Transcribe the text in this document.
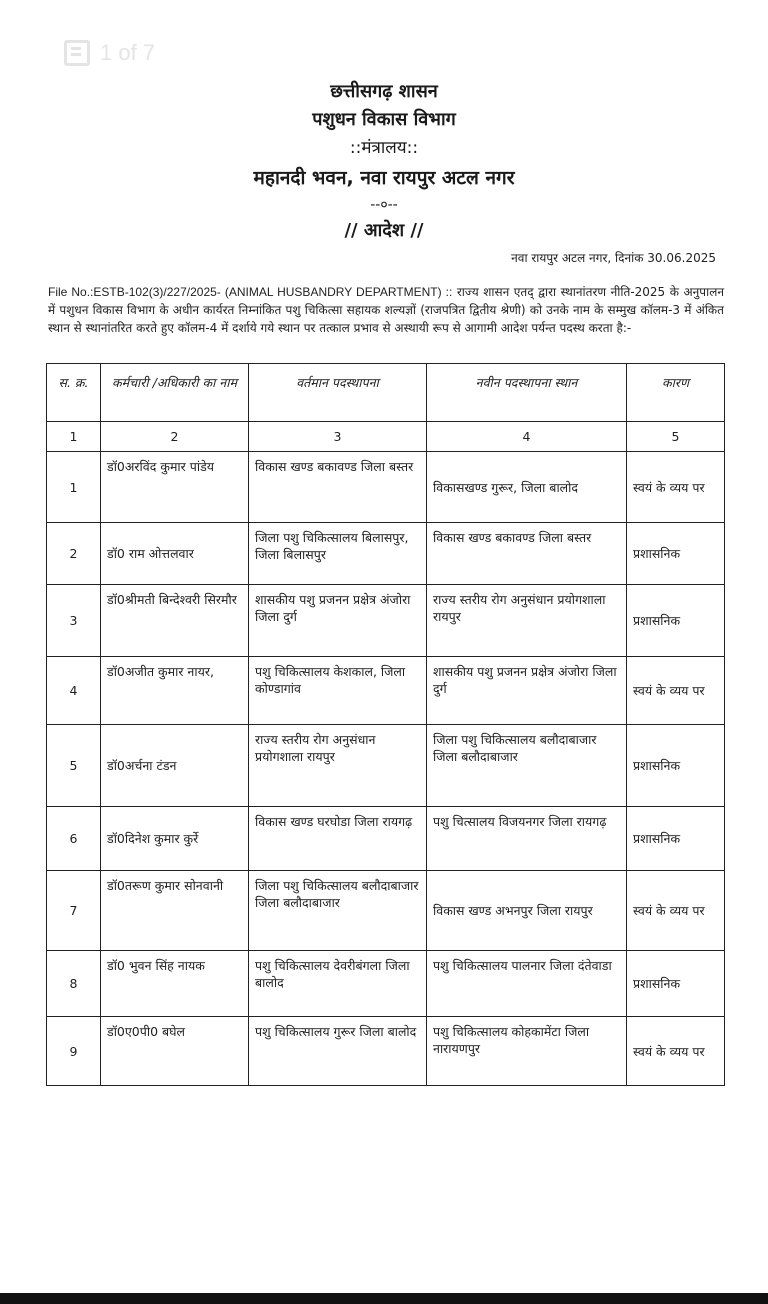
1 of 7
छत्तीसगढ़ शासन
पशुधन विकास विभाग
::मंत्रालय::
महानदी भवन, नवा रायपुर अटल नगर
--०--
// आदेश //
नवा रायपुर अटल नगर, दिनांक 30.06.2025
File No.:ESTB-102(3)/227/2025- (ANIMAL HUSBANDRY DEPARTMENT) :: राज्य शासन एतद् द्वारा स्थानांतरण नीति-2025 के अनुपालन में पशुधन विकास विभाग के अधीन कार्यरत निम्नांकित पशु चिकित्सा सहायक शल्यज्ञों (राजपत्रित द्वितीय श्रेणी) को उनके नाम के सम्मुख कॉलम-3 में अंकित स्थान से स्थानांतरित करते हुए कॉलम-4 में दर्शाये गये स्थान पर तत्काल प्रभाव से अस्थायी रूप से आगामी आदेश पर्यन्त पदस्थ करता है:-
स. क्र.	कर्मचारी /अधिकारी का नाम	वर्तमान पदस्थापना	नवीन पदस्थापना स्थान	कारण
1	2	3	4	5
1	डॉ0अरविंद कुमार पांडेय	विकास खण्ड बकावण्ड जिला बस्तर	विकासखण्ड गुरूर, जिला बालोद	स्वयं के व्यय पर
2	डॉ0 राम ओत्तलवार	जिला पशु चिकित्सालय बिलासपुर, जिला बिलासपुर	विकास खण्ड बकावण्ड जिला बस्तर	प्रशासनिक
3	डॉ0श्रीमती बिन्देश्वरी सिरमौर	शासकीय पशु प्रजनन प्रक्षेत्र अंजोरा जिला दुर्ग	राज्य स्तरीय रोग अनुसंधान प्रयोगशाला रायपुर	प्रशासनिक
4	डॉ0अजीत कुमार नायर,	पशु चिकित्सालय केशकाल, जिला कोण्डागांव	शासकीय पशु प्रजनन प्रक्षेत्र अंजोरा जिला दुर्ग	स्वयं के व्यय पर
5	डॉ0अर्चना टंडन	राज्य स्तरीय रोग अनुसंधान प्रयोगशाला रायपुर	जिला पशु चिकित्सालय बलौदाबाजार जिला बलौदाबाजार	प्रशासनिक
6	डॉ0दिनेश कुमार कुर्रे	विकास खण्ड घरघोडा जिला रायगढ़	पशु चित्सालय विजयनगर जिला रायगढ़	प्रशासनिक
7	डॉ0तरूण कुमार सोनवानी	जिला पशु चिकित्सालय बलौदाबाजार जिला बलौदाबाजार	विकास खण्ड अभनपुर जिला रायपुर	स्वयं के व्यय पर
8	डॉ0 भुवन सिंह नायक	पशु चिकित्सालय देवरीबंगला जिला बालोद	पशु चिकित्सालय पालनार जिला दंतेवाडा	प्रशासनिक
9	डॉ0ए0पी0 बघेल	पशु चिकित्सालय गुरूर जिला बालोद	पशु चिकित्सालय कोहकामेंटा जिला नारायणपुर	स्वयं के व्यय पर
